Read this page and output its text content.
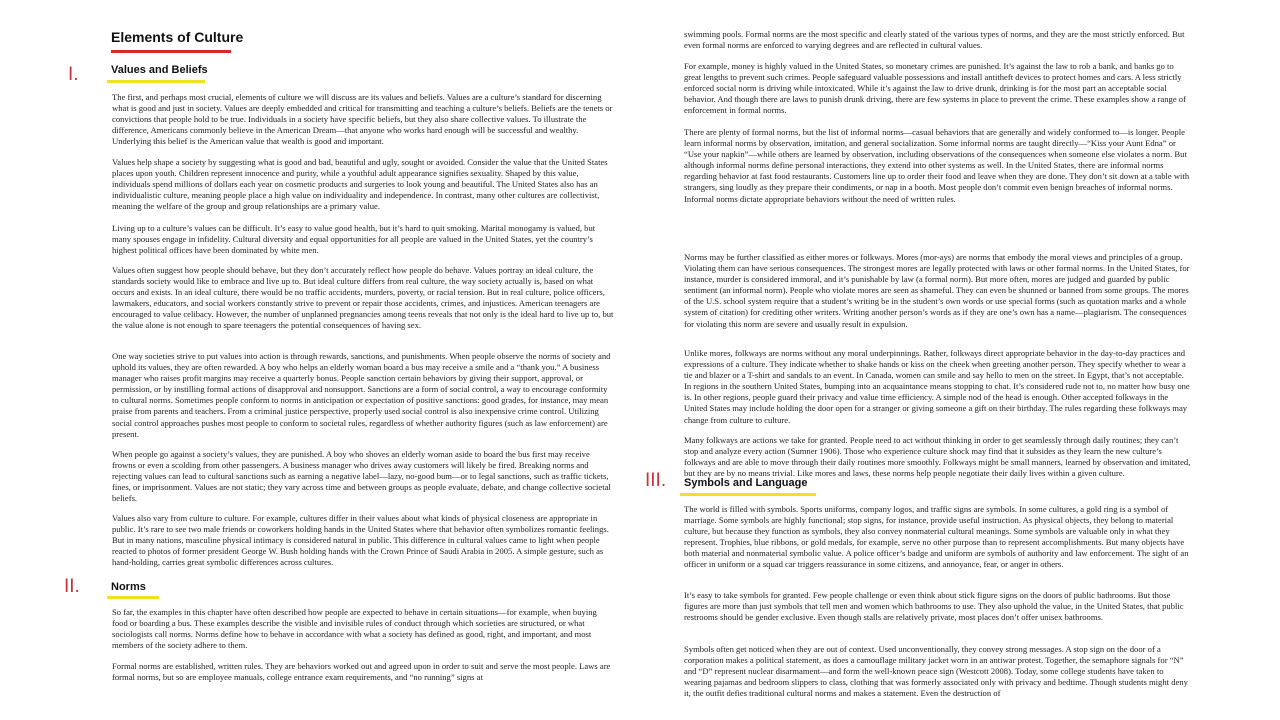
Elements of Culture
I.	Values and Beliefs

The first, and perhaps most crucial, elements of culture we will discuss are its values and beliefs. Values are a culture’s standard for discerning what is good and just in society. Values are deeply embedded and critical for transmitting and teaching a culture’s beliefs. Beliefs are the tenets or convictions that people hold to be true. Individuals in a society have specific beliefs, but they also share collective values. To illustrate the difference, Americans commonly believe in the American Dream—that anyone who works hard enough will be successful and wealthy. Underlying this belief is the American value that wealth is good and important.

Values help shape a society by suggesting what is good and bad, beautiful and ugly, sought or avoided. Consider the value that the United States places upon youth. Children represent innocence and purity, while a youthful adult appearance signifies sexuality. Shaped by this value, individuals spend millions of dollars each year on cosmetic products and surgeries to look young and beautiful. The United States also has an individualistic culture, meaning people place a high value on individuality and independence. In contrast, many other cultures are collectivist, meaning the welfare of the group and group relationships are a primary value.

Living up to a culture’s values can be difficult. It’s easy to value good health, but it’s hard to quit smoking. Marital monogamy is valued, but many spouses engage in infidelity. Cultural diversity and equal opportunities for all people are valued in the United States, yet the country’s highest political offices have been dominated by white men.

Values often suggest how people should behave, but they don’t accurately reflect how people do behave. Values portray an ideal culture, the standards society would like to embrace and live up to. But ideal culture differs from real culture, the way society actually is, based on what occurs and exists. In an ideal culture, there would be no traffic accidents, murders, poverty, or racial tension. But in real culture, police officers, lawmakers, educators, and social workers constantly strive to prevent or repair those accidents, crimes, and injustices. American teenagers are encouraged to value celibacy. However, the number of unplanned pregnancies among teens reveals that not only is the ideal hard to live up to, but the value alone is not enough to spare teenagers the potential consequences of having sex.

One way societies strive to put values into action is through rewards, sanctions, and punishments. When people observe the norms of society and uphold its values, they are often rewarded. A boy who helps an elderly woman board a bus may receive a smile and a “thank you.” A business manager who raises profit margins may receive a quarterly bonus. People sanction certain behaviors by giving their support, approval, or permission, or by instilling formal actions of disapproval and nonsupport. Sanctions are a form of social control, a way to encourage conformity to cultural norms. Sometimes people conform to norms in anticipation or expectation of positive sanctions: good grades, for instance, may mean praise from parents and teachers. From a criminal justice perspective, properly used social control is also inexpensive crime control. Utilizing social control approaches pushes most people to conform to societal rules, regardless of whether authority figures (such as law enforcement) are present.

When people go against a society’s values, they are punished. A boy who shoves an elderly woman aside to board the bus first may receive frowns or even a scolding from other passengers. A business manager who drives away customers will likely be fired. Breaking norms and rejecting values can lead to cultural sanctions such as earning a negative label—lazy, no-good bum—or to legal sanctions, such as traffic tickets, fines, or imprisonment. Values are not static; they vary across time and between groups as people evaluate, debate, and change collective societal beliefs.

Values also vary from culture to culture. For example, cultures differ in their values about what kinds of physical closeness are appropriate in public. It’s rare to see two male friends or coworkers holding hands in the United States where that behavior often symbolizes romantic feelings. But in many nations, masculine physical intimacy is considered natural in public. This difference in cultural values came to light when people reacted to photos of former president George W. Bush holding hands with the Crown Prince of Saudi Arabia in 2005. A simple gesture, such as hand-holding, carries great symbolic differences across cultures.

II.	Norms

So far, the examples in this chapter have often described how people are expected to behave in certain situations—for example, when buying food or boarding a bus. These examples describe the visible and invisible rules of conduct through which societies are structured, or what sociologists call norms. Norms define how to behave in accordance with what a society has defined as good, right, and important, and most members of the society adhere to them.

Formal norms are established, written rules. They are behaviors worked out and agreed upon in order to suit and serve the most people. Laws are formal norms, but so are employee manuals, college entrance exam requirements, and “no running” signs at

swimming pools. Formal norms are the most specific and clearly stated of the various types of norms, and they are the most strictly enforced. But even formal norms are enforced to varying degrees and are reflected in cultural values.

For example, money is highly valued in the United States, so monetary crimes are punished. It’s against the law to rob a bank, and banks go to great lengths to prevent such crimes. People safeguard valuable possessions and install antitheft devices to protect homes and cars. A less strictly enforced social norm is driving while intoxicated. While it’s against the law to drive drunk, drinking is for the most part an acceptable social behavior. And though there are laws to punish drunk driving, there are few systems in place to prevent the crime. These examples show a range of enforcement in formal norms.

There are plenty of formal norms, but the list of informal norms—casual behaviors that are generally and widely conformed to—is longer. People learn informal norms by observation, imitation, and general socialization. Some informal norms are taught directly—“Kiss your Aunt Edna” or “Use your napkin”—while others are learned by observation, including observations of the consequences when someone else violates a norm. But although informal norms define personal interactions, they extend into other systems as well. In the United States, there are informal norms regarding behavior at fast food restaurants. Customers line up to order their food and leave when they are done. They don’t sit down at a table with strangers, sing loudly as they prepare their condiments, or nap in a booth. Most people don’t commit even benign breaches of informal norms. Informal norms dictate appropriate behaviors without the need of written rules.

Norms may be further classified as either mores or folkways. Mores (mor-ays) are norms that embody the moral views and principles of a group. Violating them can have serious consequences. The strongest mores are legally protected with laws or other formal norms. In the United States, for instance, murder is considered immoral, and it’s punishable by law (a formal norm). But more often, mores are judged and guarded by public sentiment (an informal norm). People who violate mores are seen as shameful. They can even be shunned or banned from some groups. The mores of the U.S. school system require that a student’s writing be in the student’s own words or use special forms (such as quotation marks and a whole system of citation) for crediting other writers. Writing another person’s words as if they are one’s own has a name—plagiarism. The consequences for violating this norm are severe and usually result in expulsion.

Unlike mores, folkways are norms without any moral underpinnings. Rather, folkways direct appropriate behavior in the day-to-day practices and expressions of a culture. They indicate whether to shake hands or kiss on the cheek when greeting another person. They specify whether to wear a tie and blazer or a T-shirt and sandals to an event. In Canada, women can smile and say hello to men on the street. In Egypt, that’s not acceptable. In regions in the southern United States, bumping into an acquaintance means stopping to chat. It’s considered rude not to, no matter how busy one is. In other regions, people guard their privacy and value time efficiency. A simple nod of the head is enough. Other accepted folkways in the United States may include holding the door open for a stranger or giving someone a gift on their birthday. The rules regarding these folkways may change from culture to culture.

Many folkways are actions we take for granted. People need to act without thinking in order to get seamlessly through daily routines; they can’t stop and analyze every action (Sumner 1906). Those who experience culture shock may find that it subsides as they learn the new culture’s folkways and are able to move through their daily routines more smoothly. Folkways might be small manners, learned by observation and imitated, but they are by no means trivial. Like mores and laws, these norms help people negotiate their daily lives within a given culture.

III. Symbols and Language

The world is filled with symbols. Sports uniforms, company logos, and traffic signs are symbols. In some cultures, a gold ring is a symbol of marriage. Some symbols are highly functional; stop signs, for instance, provide useful instruction. As physical objects, they belong to material culture, but because they function as symbols, they also convey nonmaterial cultural meanings. Some symbols are valuable only in what they represent. Trophies, blue ribbons, or gold medals, for example, serve no other purpose than to represent accomplishments. But many objects have both material and nonmaterial symbolic value. A police officer’s badge and uniform are symbols of authority and law enforcement. The sight of an officer in uniform or a squad car triggers reassurance in some citizens, and annoyance, fear, or anger in others.

It’s easy to take symbols for granted. Few people challenge or even think about stick figure signs on the doors of public bathrooms. But those figures are more than just symbols that tell men and women which bathrooms to use. They also uphold the value, in the United States, that public restrooms should be gender exclusive. Even though stalls are relatively private, most places don’t offer unisex bathrooms.

Symbols often get noticed when they are out of context. Used unconventionally, they convey strong messages. A stop sign on the door of a corporation makes a political statement, as does a camouflage military jacket worn in an antiwar protest. Together, the semaphore signals for “N” and “D” represent nuclear disarmament—and form the well-known peace sign (Westcott 2008). Today, some college students have taken to wearing pajamas and bedroom slippers to class, clothing that was formerly associated only with privacy and bedtime. Though students might deny it, the outfit defies traditional cultural norms and makes a statement. Even the destruction of
